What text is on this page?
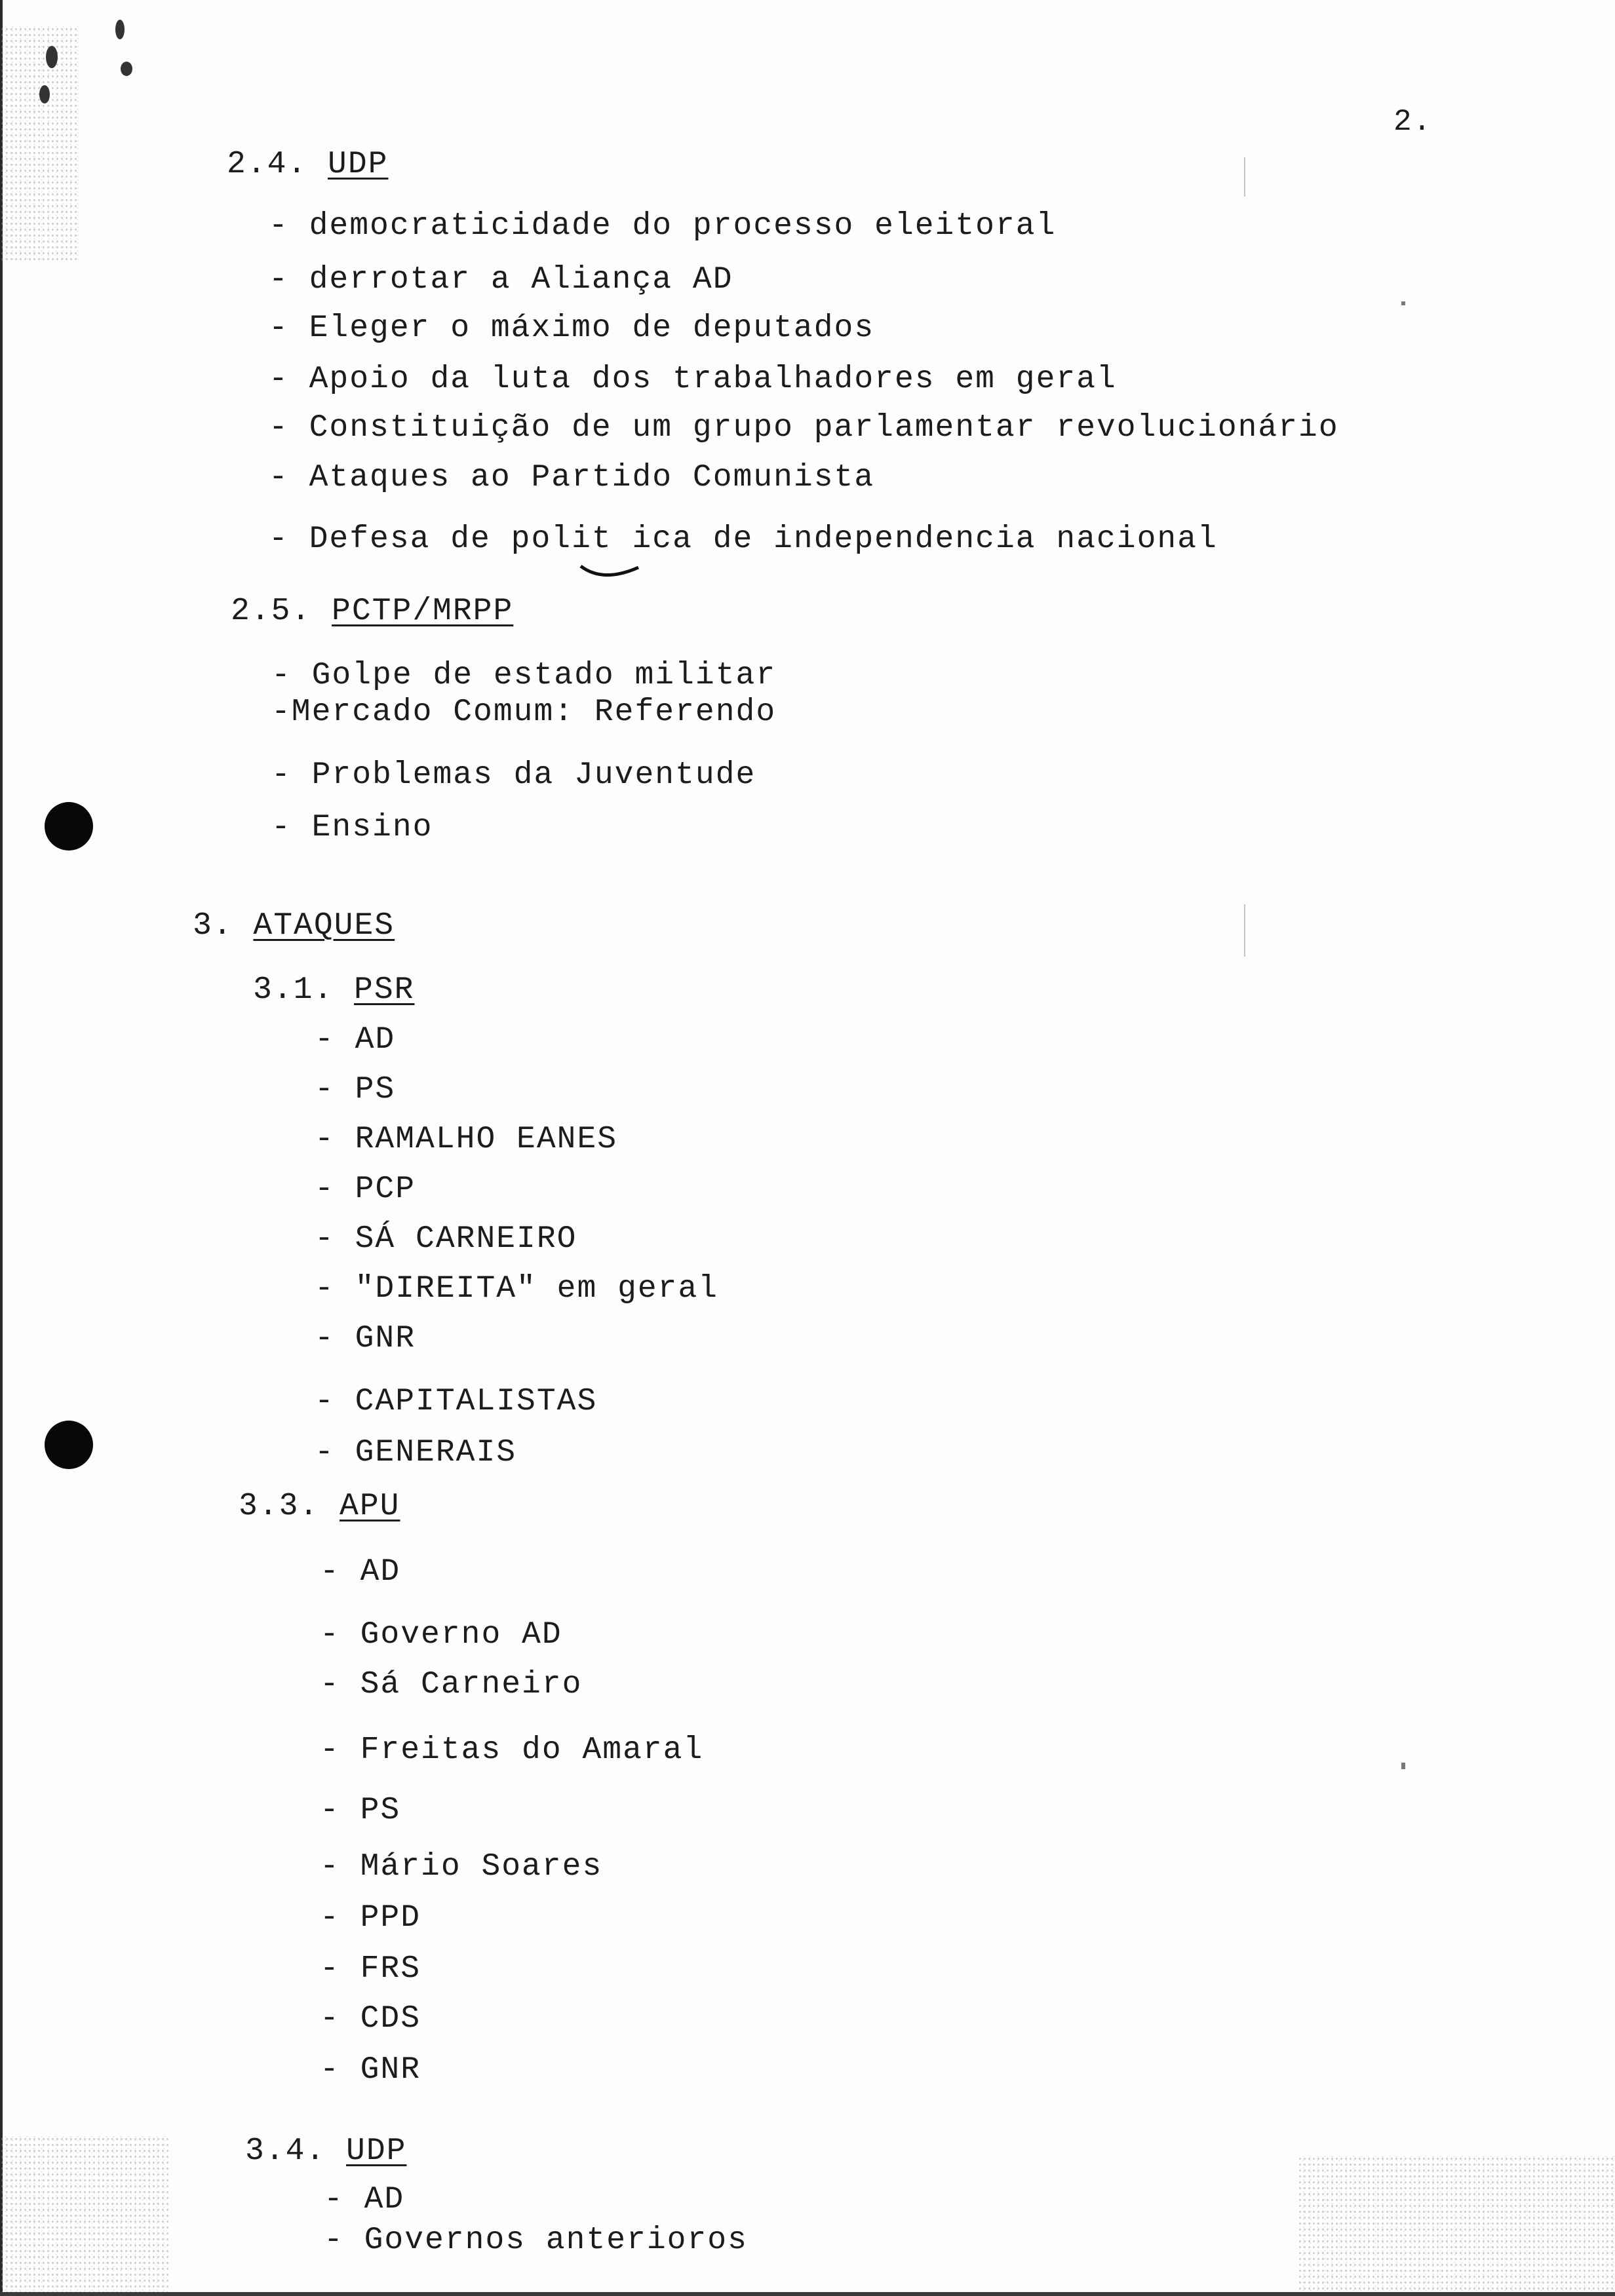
2.
2.4. UDP
- democraticidade do processo eleitoral
- derrotar a Aliança AD
- Eleger o máximo de deputados
- Apoio da luta dos trabalhadores em geral
- Constituição de um grupo parlamentar revolucionário
- Ataques ao Partido Comunista
- Defesa de polit ica de independencia nacional
2.5. PCTP/MRPP
- Golpe de estado militar
-Mercado Comum: Referendo
- Problemas da Juventude
- Ensino
3. ATAQUES
3.1. PSR
- AD
- PS
- RAMALHO EANES
- PCP
- SÁ CARNEIRO
- "DIREITA" em geral
- GNR
- CAPITALISTAS
- GENERAIS
3.3. APU
- AD
- Governo AD
- Sá Carneiro
- Freitas do Amaral
- PS
- Mário Soares
- PPD
- FRS
- CDS
- GNR
3.4. UDP
- AD
- Governos anterioros
